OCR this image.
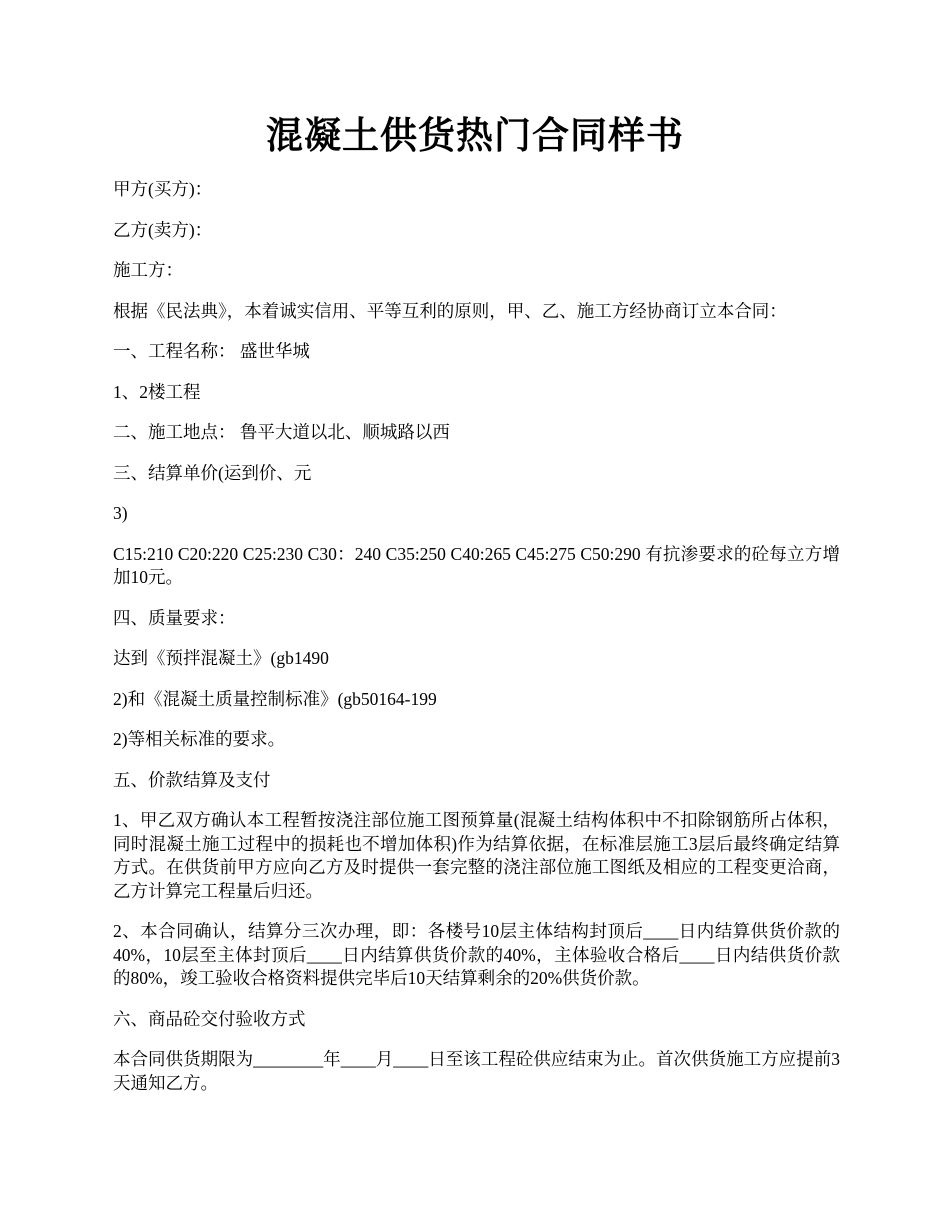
混凝土供货热门合同样书

甲方(买方)：

乙方(卖方)：

施工方：

根据《民法典》，本着诚实信用、平等互利的原则，甲、乙、施工方经协商订立本合同：

一、工程名称： 盛世华城

1、2楼工程

二、施工地点： 鲁平大道以北、顺城路以西

三、结算单价(运到价、元

3)

C15:210 C20:220 C25:230 C30：240 C35:250 C40:265 C45:275 C50:290 有抗渗要求的砼每立方增加10元。

四、质量要求：

达到《预拌混凝土》(gb1490

2)和《混凝土质量控制标准》(gb50164-199

2)等相关标准的要求。

五、价款结算及支付

1、甲乙双方确认本工程暂按浇注部位施工图预算量(混凝土结构体积中不扣除钢筋所占体积，同时混凝土施工过程中的损耗也不增加体积)作为结算依据，在标准层施工3层后最终确定结算方式。在供货前甲方应向乙方及时提供一套完整的浇注部位施工图纸及相应的工程变更洽商，乙方计算完工程量后归还。

2、本合同确认，结算分三次办理，即：各楼号10层主体结构封顶后____日内结算供货价款的40%，10层至主体封顶后____日内结算供货价款的40%，主体验收合格后____日内结供货价款的80%，竣工验收合格资料提供完毕后10天结算剩余的20%供货价款。

六、商品砼交付验收方式

本合同供货期限为________年____月____日至该工程砼供应结束为止。首次供货施工方应提前3天通知乙方。
